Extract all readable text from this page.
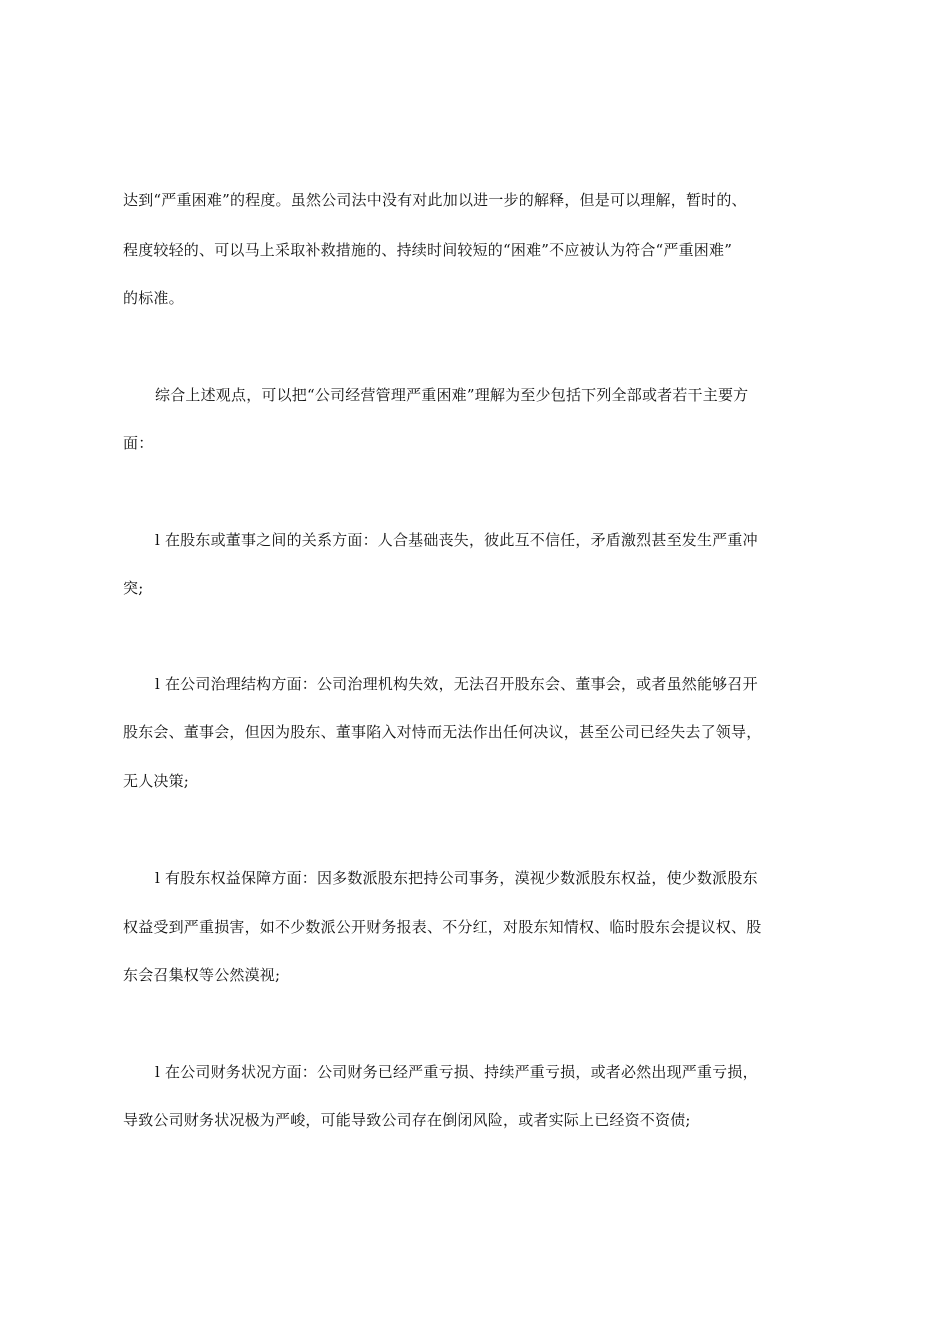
达到“严重困难”的程度。虽然公司法中没有对此加以进一步的解释，但是可以理解，暂时的、
程度较轻的、可以马上采取补救措施的、持续时间较短的“困难”不应被认为符合“严重困难”
的标准。
综合上述观点，可以把“公司经营管理严重困难”理解为至少包括下列全部或者若干主要方
面：
l 在股东或董事之间的关系方面：人合基础丧失，彼此互不信任，矛盾激烈甚至发生严重冲
突;
l 在公司治理结构方面：公司治理机构失效，无法召开股东会、董事会，或者虽然能够召开
股东会、董事会，但因为股东、董事陷入对恃而无法作出任何决议，甚至公司已经失去了领导，
无人决策;
l 有股东权益保障方面：因多数派股东把持公司事务，漠视少数派股东权益，使少数派股东
权益受到严重损害，如不少数派公开财务报表、不分红，对股东知情权、临时股东会提议权、股
东会召集权等公然漠视;
l 在公司财务状况方面：公司财务已经严重亏损、持续严重亏损，或者必然出现严重亏损，
导致公司财务状况极为严峻，可能导致公司存在倒闭风险，或者实际上已经资不资债;
